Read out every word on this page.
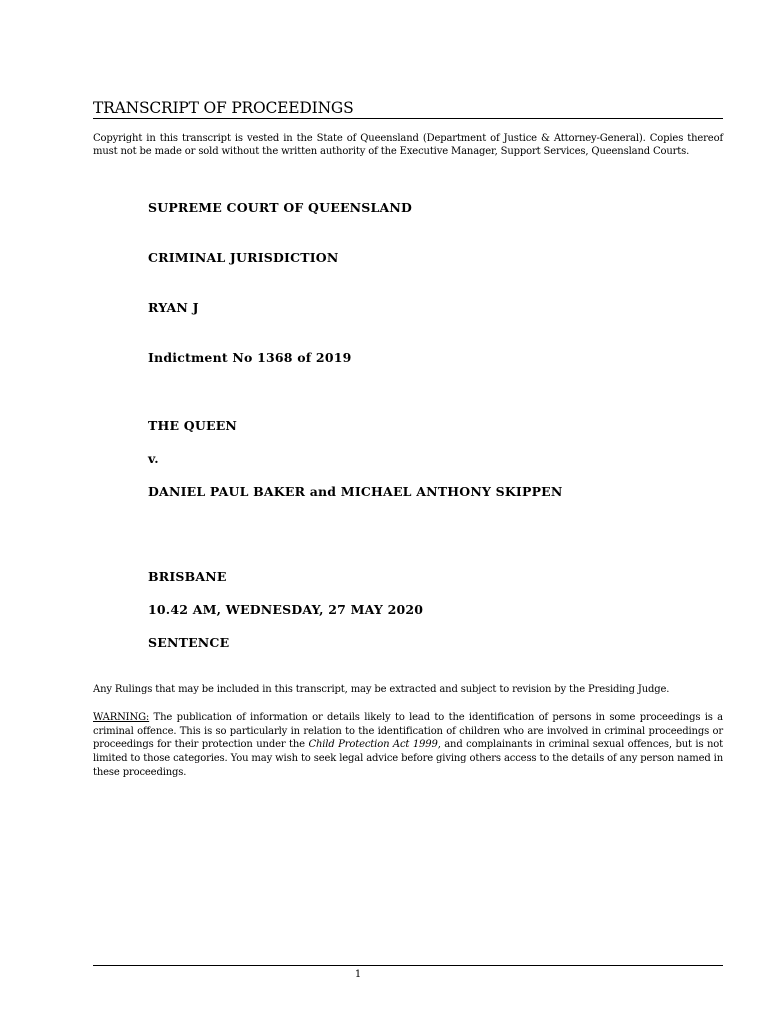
TRANSCRIPT OF PROCEEDINGS
Copyright in this transcript is vested in the State of Queensland (Department of Justice & Attorney-General). Copies thereof must not be made or sold without the written authority of the Executive Manager, Support Services, Queensland Courts.
SUPREME COURT OF QUEENSLAND
CRIMINAL JURISDICTION
RYAN J
Indictment No 1368 of 2019
THE QUEEN
v.
DANIEL PAUL BAKER and MICHAEL ANTHONY SKIPPEN
BRISBANE
10.42 AM, WEDNESDAY, 27 MAY 2020
SENTENCE
Any Rulings that may be included in this transcript, may be extracted and subject to revision by the Presiding Judge.
WARNING: The publication of information or details likely to lead to the identification of persons in some proceedings is a criminal offence. This is so particularly in relation to the identification of children who are involved in criminal proceedings or proceedings for their protection under the Child Protection Act 1999, and complainants in criminal sexual offences, but is not limited to those categories. You may wish to seek legal advice before giving others access to the details of any person named in these proceedings.
1
